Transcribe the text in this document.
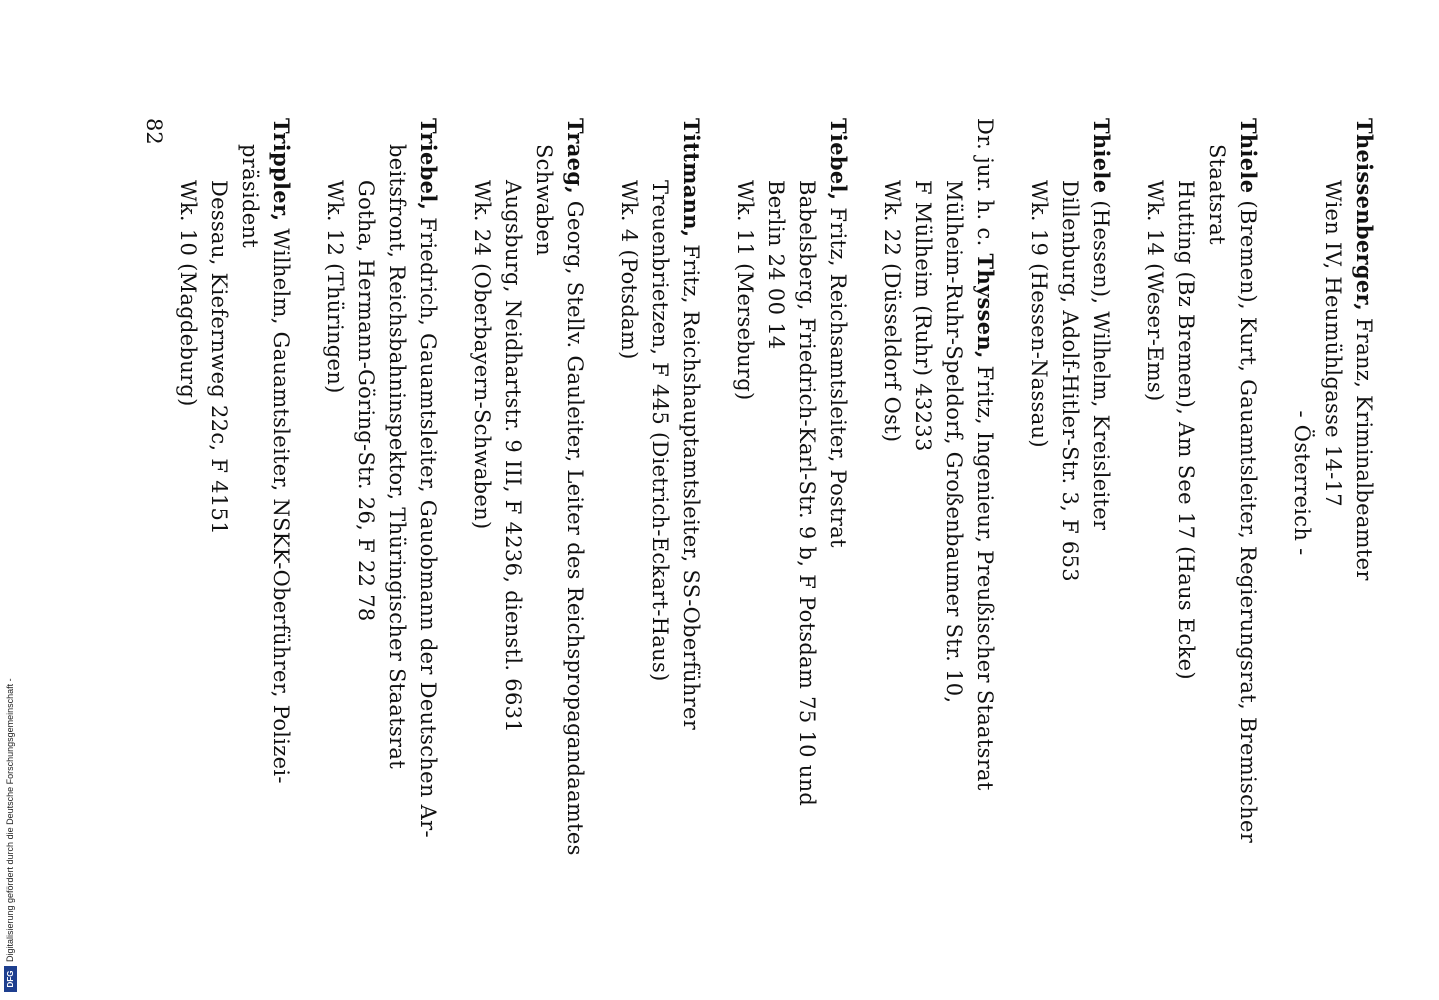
Theissenberger, Franz, Kriminalbeamter
Wien IV, Heumühlgasse 14-17
- Österreich -
Thiele (Bremen), Kurt, Gauamtsleiter, Regierungsrat, Bremischer
Staatsrat
Hutting (Bz Bremen), Am See 17 (Haus Ecke)
Wk. 14 (Weser-Ems)
Thiele (Hessen), Wilhelm, Kreisleiter
Dillenburg, Adolf-Hitler-Str. 3, F 653
Wk. 19 (Hessen-Nassau)
Dr. jur. h. c. Thyssen, Fritz, Ingenieur, Preußischer Staatsrat
Mülheim-Ruhr-Speldorf, Großenbaumer Str. 10,
F Mülheim (Ruhr) 43233
Wk. 22 (Düsseldorf Ost)
Tiebel, Fritz, Reichsamtsleiter, Postrat
Babelsberg, Friedrich-Karl-Str. 9 b, F Potsdam 75 10 und
Berlin 24 00 14
Wk. 11 (Merseburg)
Tittmann, Fritz, Reichshauptamtsleiter, SS-Oberführer
Treuenbrietzen, F 445 (Dietrich-Eckart-Haus)
Wk. 4 (Potsdam)
Traeg, Georg, Stellv. Gauleiter, Leiter des Reichspropagandaamtes
Schwaben
Augsburg, Neidhartstr. 9 III, F 4236, dienstl. 6631
Wk. 24 (Oberbayern-Schwaben)
Triebel, Friedrich, Gauamtsleiter, Gauobmann der Deutschen Ar-
beitsfront, Reichsbahninspektor, Thüringischer Staatsrat
Gotha, Hermann-Göring-Str. 26, F 22 78
Wk. 12 (Thüringen)
Trippler, Wilhelm, Gauamtsleiter, NSKK-Oberführer, Polizei-
präsident
Dessau, Kiefernweg 22c, F 4151
Wk. 10 (Magdeburg)
82
DFG
Digitalisierung gefördert durch die Deutsche Forschungsgemeinschaft -
